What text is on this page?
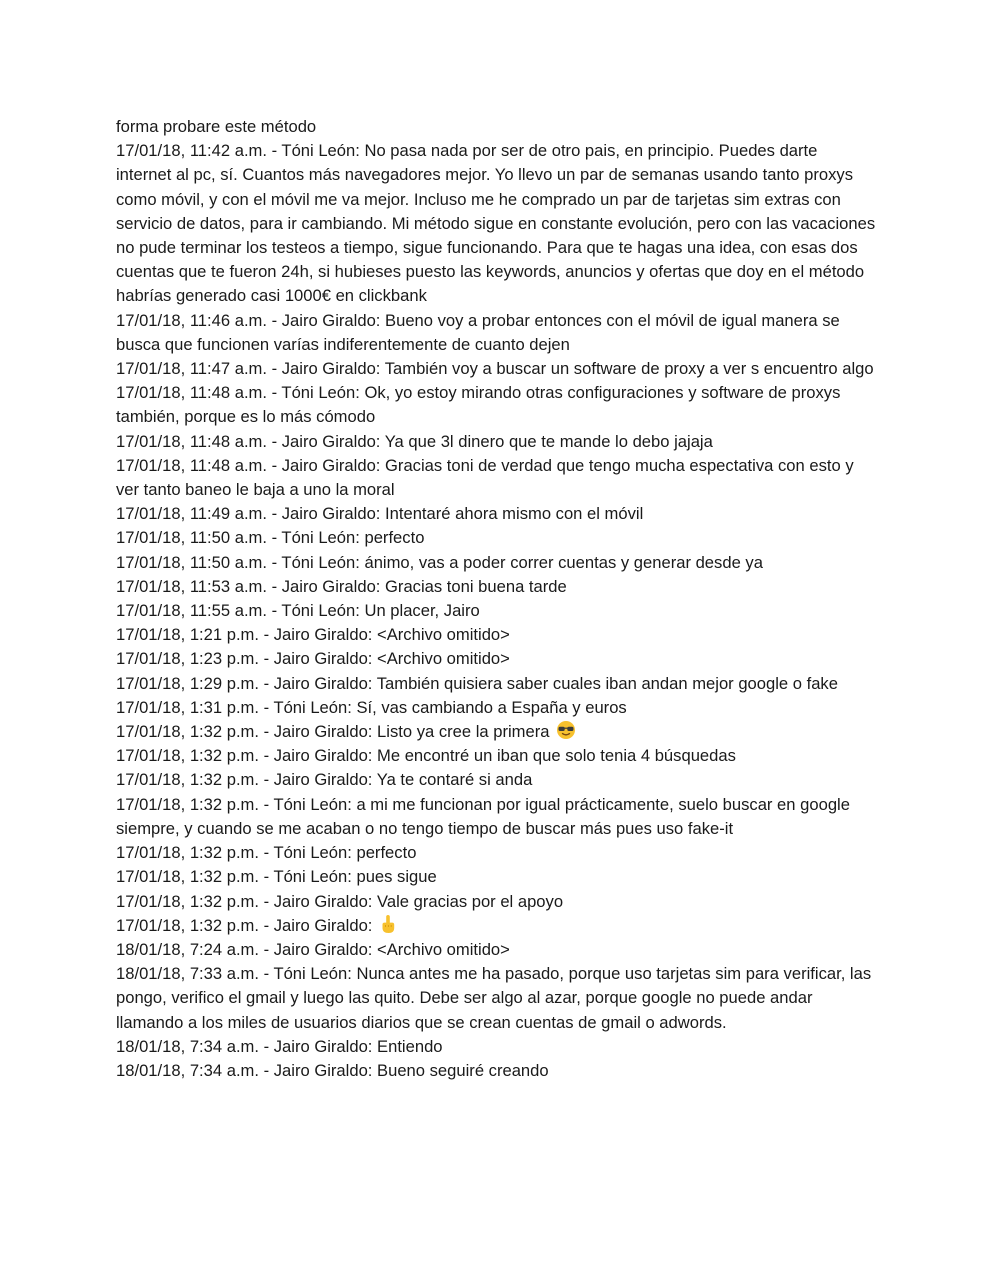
forma probare este método

17/01/18, 11:42 a.m. - Tóni León: No pasa nada por ser de otro pais, en principio. Puedes darte internet al pc, sí. Cuantos más navegadores mejor. Yo llevo un par de semanas usando tanto proxys como móvil, y con el móvil me va mejor. Incluso me he comprado un par de tarjetas sim extras con servicio de datos, para ir cambiando. Mi método sigue en constante evolución, pero con las vacaciones no pude terminar los testeos a tiempo, sigue funcionando. Para que te hagas una idea, con esas dos cuentas que te fueron 24h, si hubieses puesto las keywords, anuncios y ofertas que doy en el método habrías generado casi 1000€ en clickbank

17/01/18, 11:46 a.m. - Jairo Giraldo: Bueno voy a probar entonces con el móvil de igual manera se busca que funcionen varías indiferentemente de cuanto dejen

17/01/18, 11:47 a.m. - Jairo Giraldo: También voy a buscar un software de proxy a ver s encuentro algo

17/01/18, 11:48 a.m. - Tóni León: Ok, yo estoy mirando otras configuraciones y software de proxys también, porque es lo más cómodo

17/01/18, 11:48 a.m. - Jairo Giraldo: Ya que 3l dinero que te mande lo debo jajaja

17/01/18, 11:48 a.m. - Jairo Giraldo: Gracias toni de verdad que tengo mucha espectativa con esto y ver tanto baneo le baja a uno la moral

17/01/18, 11:49 a.m. - Jairo Giraldo: Intentaré ahora mismo con el móvil

17/01/18, 11:50 a.m. - Tóni León: perfecto

17/01/18, 11:50 a.m. - Tóni León: ánimo, vas a poder correr cuentas y generar desde ya

17/01/18, 11:53 a.m. - Jairo Giraldo: Gracias toni buena tarde

17/01/18, 11:55 a.m. - Tóni León: Un placer, Jairo

17/01/18, 1:21 p.m. - Jairo Giraldo: <Archivo omitido>

17/01/18, 1:23 p.m. - Jairo Giraldo: <Archivo omitido>

17/01/18, 1:29 p.m. - Jairo Giraldo: También quisiera saber cuales iban andan mejor google o fake

17/01/18, 1:31 p.m. - Tóni León: Sí, vas cambiando a España y euros

17/01/18, 1:32 p.m. - Jairo Giraldo: Listo ya cree la primera

17/01/18, 1:32 p.m. - Jairo Giraldo: Me encontré un iban que solo tenia 4 búsquedas

17/01/18, 1:32 p.m. - Jairo Giraldo: Ya te contaré si anda

17/01/18, 1:32 p.m. - Tóni León: a mi me funcionan por igual prácticamente, suelo buscar en google siempre, y cuando se me acaban o no tengo tiempo de buscar más pues uso fake-it

17/01/18, 1:32 p.m. - Tóni León: perfecto

17/01/18, 1:32 p.m. - Tóni León: pues sigue

17/01/18, 1:32 p.m. - Jairo Giraldo: Vale gracias por el apoyo

17/01/18, 1:32 p.m. - Jairo Giraldo:

18/01/18, 7:24 a.m. - Jairo Giraldo: <Archivo omitido>

18/01/18, 7:33 a.m. - Tóni León: Nunca antes me ha pasado, porque uso tarjetas sim para verificar, las pongo, verifico el gmail y luego las quito. Debe ser algo al azar, porque google no puede andar llamando a los miles de usuarios diarios que se crean cuentas de gmail o adwords.

18/01/18, 7:34 a.m. - Jairo Giraldo: Entiendo

18/01/18, 7:34 a.m. - Jairo Giraldo: Bueno seguiré creando
